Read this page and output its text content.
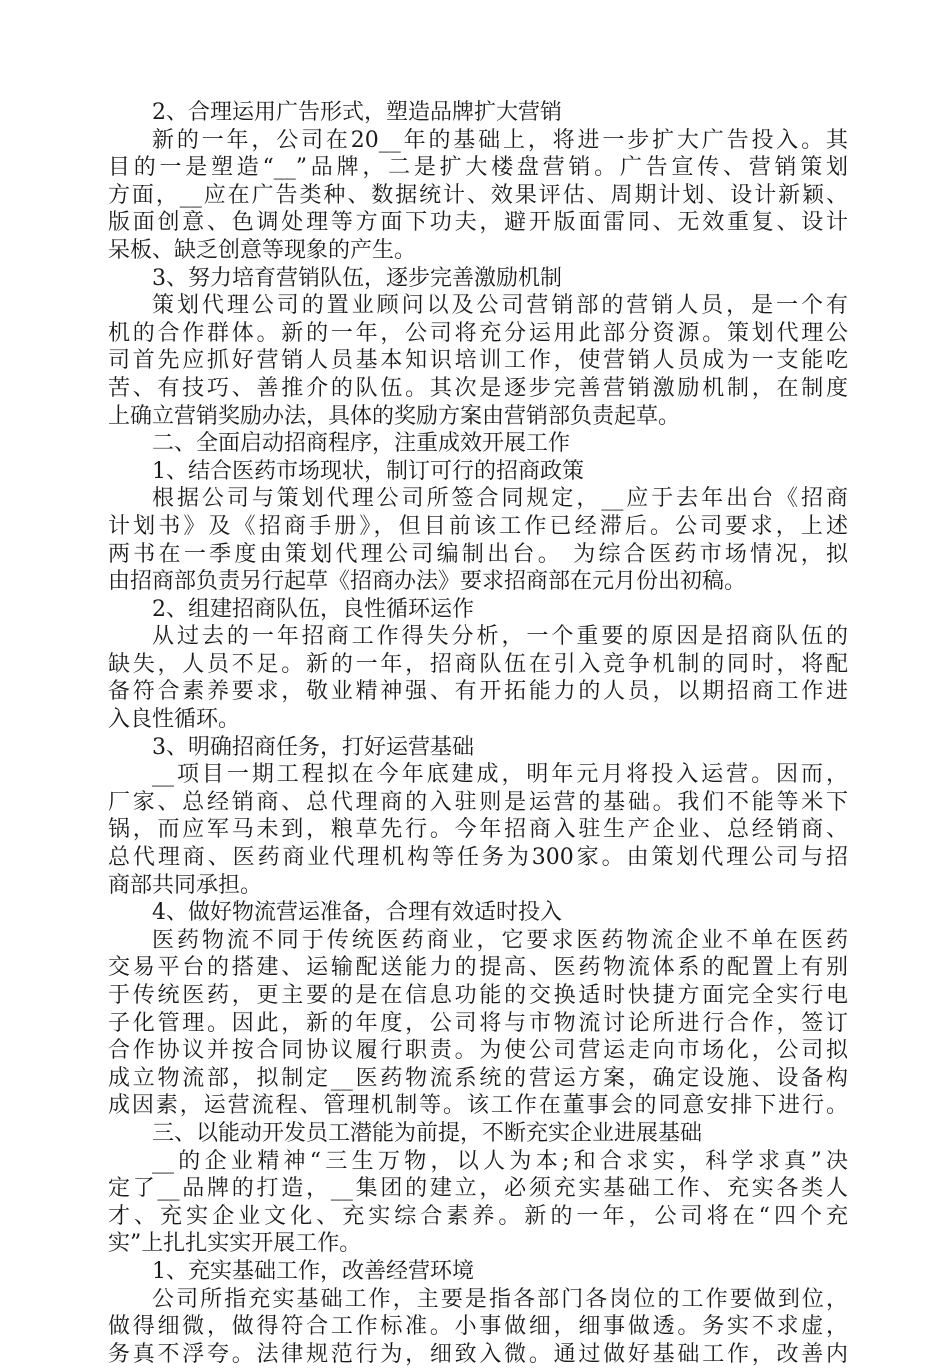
2、合理运用广告形式，塑造品牌扩大营销
新的一年，公司在20__年的基础上，将进一步扩大广告投入。其
目的一是塑造“__”品牌，二是扩大楼盘营销。广告宣传、营销策划
方面，__应在广告类种、数据统计、效果评估、周期计划、设计新颖、
版面创意、色调处理等方面下功夫，避开版面雷同、无效重复、设计
呆板、缺乏创意等现象的产生。
3、努力培育营销队伍，逐步完善激励机制
策划代理公司的置业顾问以及公司营销部的营销人员，是一个有
机的合作群体。新的一年，公司将充分运用此部分资源。策划代理公
司首先应抓好营销人员基本知识培训工作，使营销人员成为一支能吃
苦、有技巧、善推介的队伍。其次是逐步完善营销激励机制，在制度
上确立营销奖励办法，具体的奖励方案由营销部负责起草。
二、全面启动招商程序，注重成效开展工作
1、结合医药市场现状，制订可行的招商政策
根据公司与策划代理公司所签合同规定，__应于去年出台《招商
计划书》及《招商手册》，但目前该工作已经滞后。公司要求，上述
两书在一季度由策划代理公司编制出台。 为综合医药市场情况，拟
由招商部负责另行起草《招商办法》要求招商部在元月份出初稿。
2、组建招商队伍，良性循环运作
从过去的一年招商工作得失分析，一个重要的原因是招商队伍的
缺失，人员不足。新的一年，招商队伍在引入竞争机制的同时，将配
备符合素养要求，敬业精神强、有开拓能力的人员，以期招商工作进
入良性循环。
3、明确招商任务，打好运营基础
__项目一期工程拟在今年底建成，明年元月将投入运营。因而，
厂家、总经销商、总代理商的入驻则是运营的基础。我们不能等米下
锅，而应军马未到，粮草先行。今年招商入驻生产企业、总经销商、
总代理商、医药商业代理机构等任务为300家。由策划代理公司与招
商部共同承担。
4、做好物流营运准备，合理有效适时投入
医药物流不同于传统医药商业，它要求医药物流企业不单在医药
交易平台的搭建、运输配送能力的提高、医药物流体系的配置上有别
于传统医药，更主要的是在信息功能的交换适时快捷方面完全实行电
子化管理。因此，新的年度，公司将与市物流讨论所进行合作，签订
合作协议并按合同协议履行职责。为使公司营运走向市场化，公司拟
成立物流部，拟制定__医药物流系统的营运方案，确定设施、设备构
成因素，运营流程、管理机制等。该工作在董事会的同意安排下进行。
三、以能动开发员工潜能为前提，不断充实企业进展基础
__的企业精神“三生万物，以人为本;和合求实，科学求真”决
定了__品牌的打造，__集团的建立，必须充实基础工作、充实各类人
才、充实企业文化、充实综合素养。新的一年，公司将在“四个充
实”上扎扎实实开展工作。
1、充实基础工作，改善经营环境
公司所指充实基础工作，主要是指各部门各岗位的工作要做到位，
做得细微，做得符合工作标准。小事做细，细事做透。务实不求虚，
务真不浮夸。法律规范行为，细致入微。通过做好基础工作，改善内
